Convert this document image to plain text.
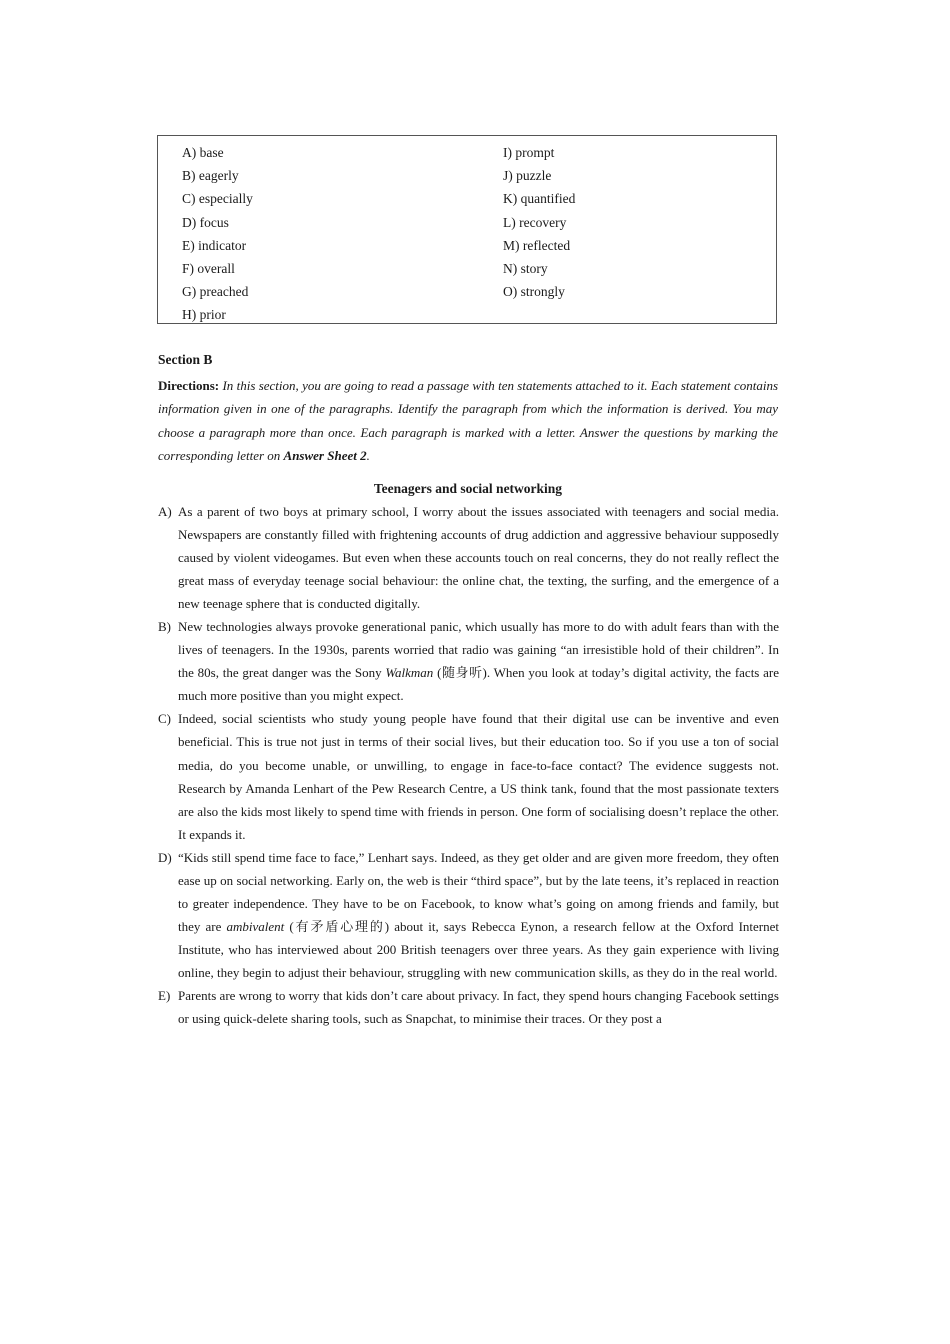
A) base
B) eagerly
C) especially
D) focus
E) indicator
F) overall
G) preached
H) prior
I) prompt
J) puzzle
K) quantified
L) recovery
M) reflected
N) story
O) strongly
Section B
Directions: In this section, you are going to read a passage with ten statements attached to it. Each statement contains information given in one of the paragraphs. Identify the paragraph from which the information is derived. You may choose a paragraph more than once. Each paragraph is marked with a letter. Answer the questions by marking the corresponding letter on Answer Sheet 2.
Teenagers and social networking
A) As a parent of two boys at primary school, I worry about the issues associated with teenagers and social media. Newspapers are constantly filled with frightening accounts of drug addiction and aggressive behaviour supposedly caused by violent videogames. But even when these accounts touch on real concerns, they do not really reflect the great mass of everyday teenage social behaviour: the online chat, the texting, the surfing, and the emergence of a new teenage sphere that is conducted digitally.
B) New technologies always provoke generational panic, which usually has more to do with adult fears than with the lives of teenagers. In the 1930s, parents worried that radio was gaining “an irresistible hold of their children”. In the 80s, the great danger was the Sony Walkman (随身听). When you look at today’s digital activity, the facts are much more positive than you might expect.
C) Indeed, social scientists who study young people have found that their digital use can be inventive and even beneficial. This is true not just in terms of their social lives, but their education too. So if you use a ton of social media, do you become unable, or unwilling, to engage in face-to-face contact? The evidence suggests not. Research by Amanda Lenhart of the Pew Research Centre, a US think tank, found that the most passionate texters are also the kids most likely to spend time with friends in person. One form of socialising doesn’t replace the other. It expands it.
D) “Kids still spend time face to face,” Lenhart says. Indeed, as they get older and are given more freedom, they often ease up on social networking. Early on, the web is their “third space”, but by the late teens, it’s replaced in reaction to greater independence. They have to be on Facebook, to know what’s going on among friends and family, but they are ambivalent (有矛盾心理的) about it, says Rebecca Eynon, a research fellow at the Oxford Internet Institute, who has interviewed about 200 British teenagers over three years. As they gain experience with living online, they begin to adjust their behaviour, struggling with new communication skills, as they do in the real world.
E) Parents are wrong to worry that kids don’t care about privacy. In fact, they spend hours changing Facebook settings or using quick-delete sharing tools, such as Snapchat, to minimise their traces. Or they post a
